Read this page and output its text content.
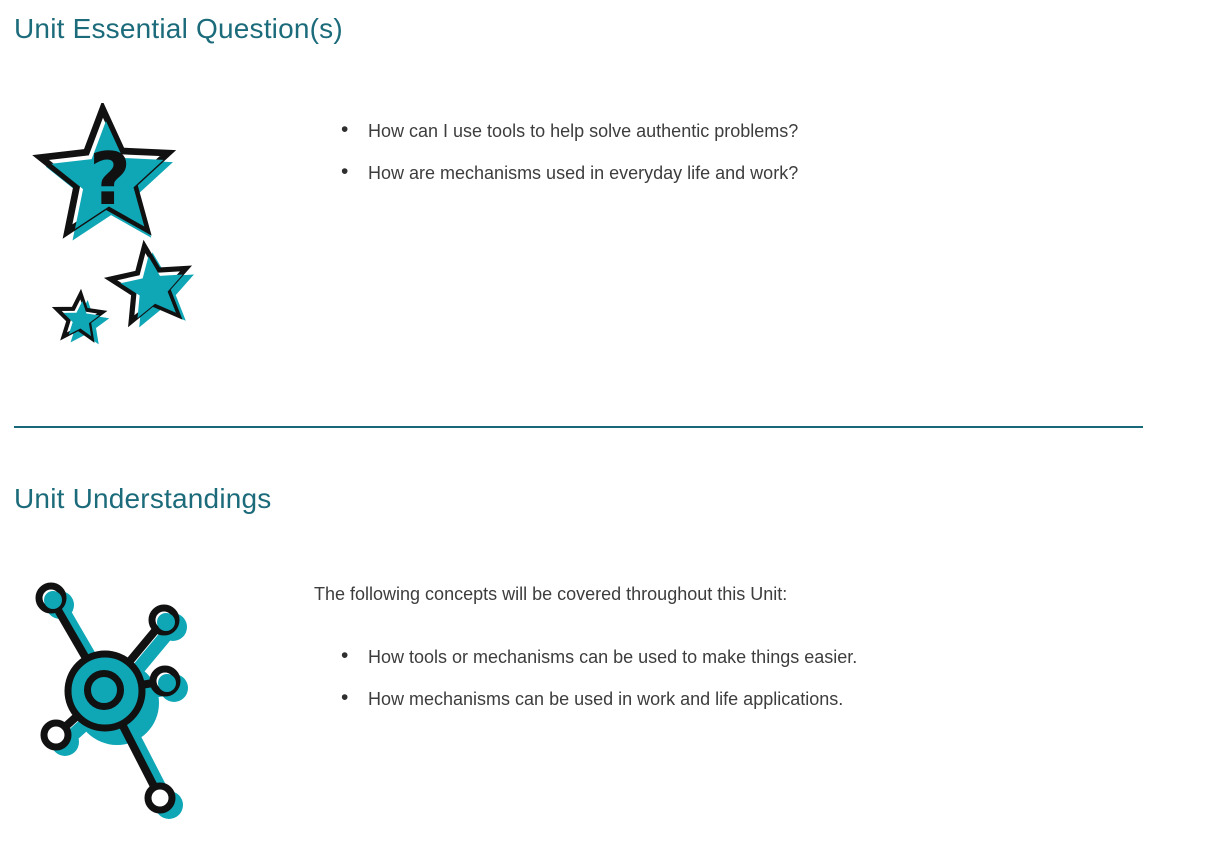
Unit Essential Question(s)
?
• How can I use tools to help solve authentic problems?
• How are mechanisms used in everyday life and work?
Unit Understandings
The following concepts will be covered throughout this Unit:
• How tools or mechanisms can be used to make things easier.
• How mechanisms can be used in work and life applications.
